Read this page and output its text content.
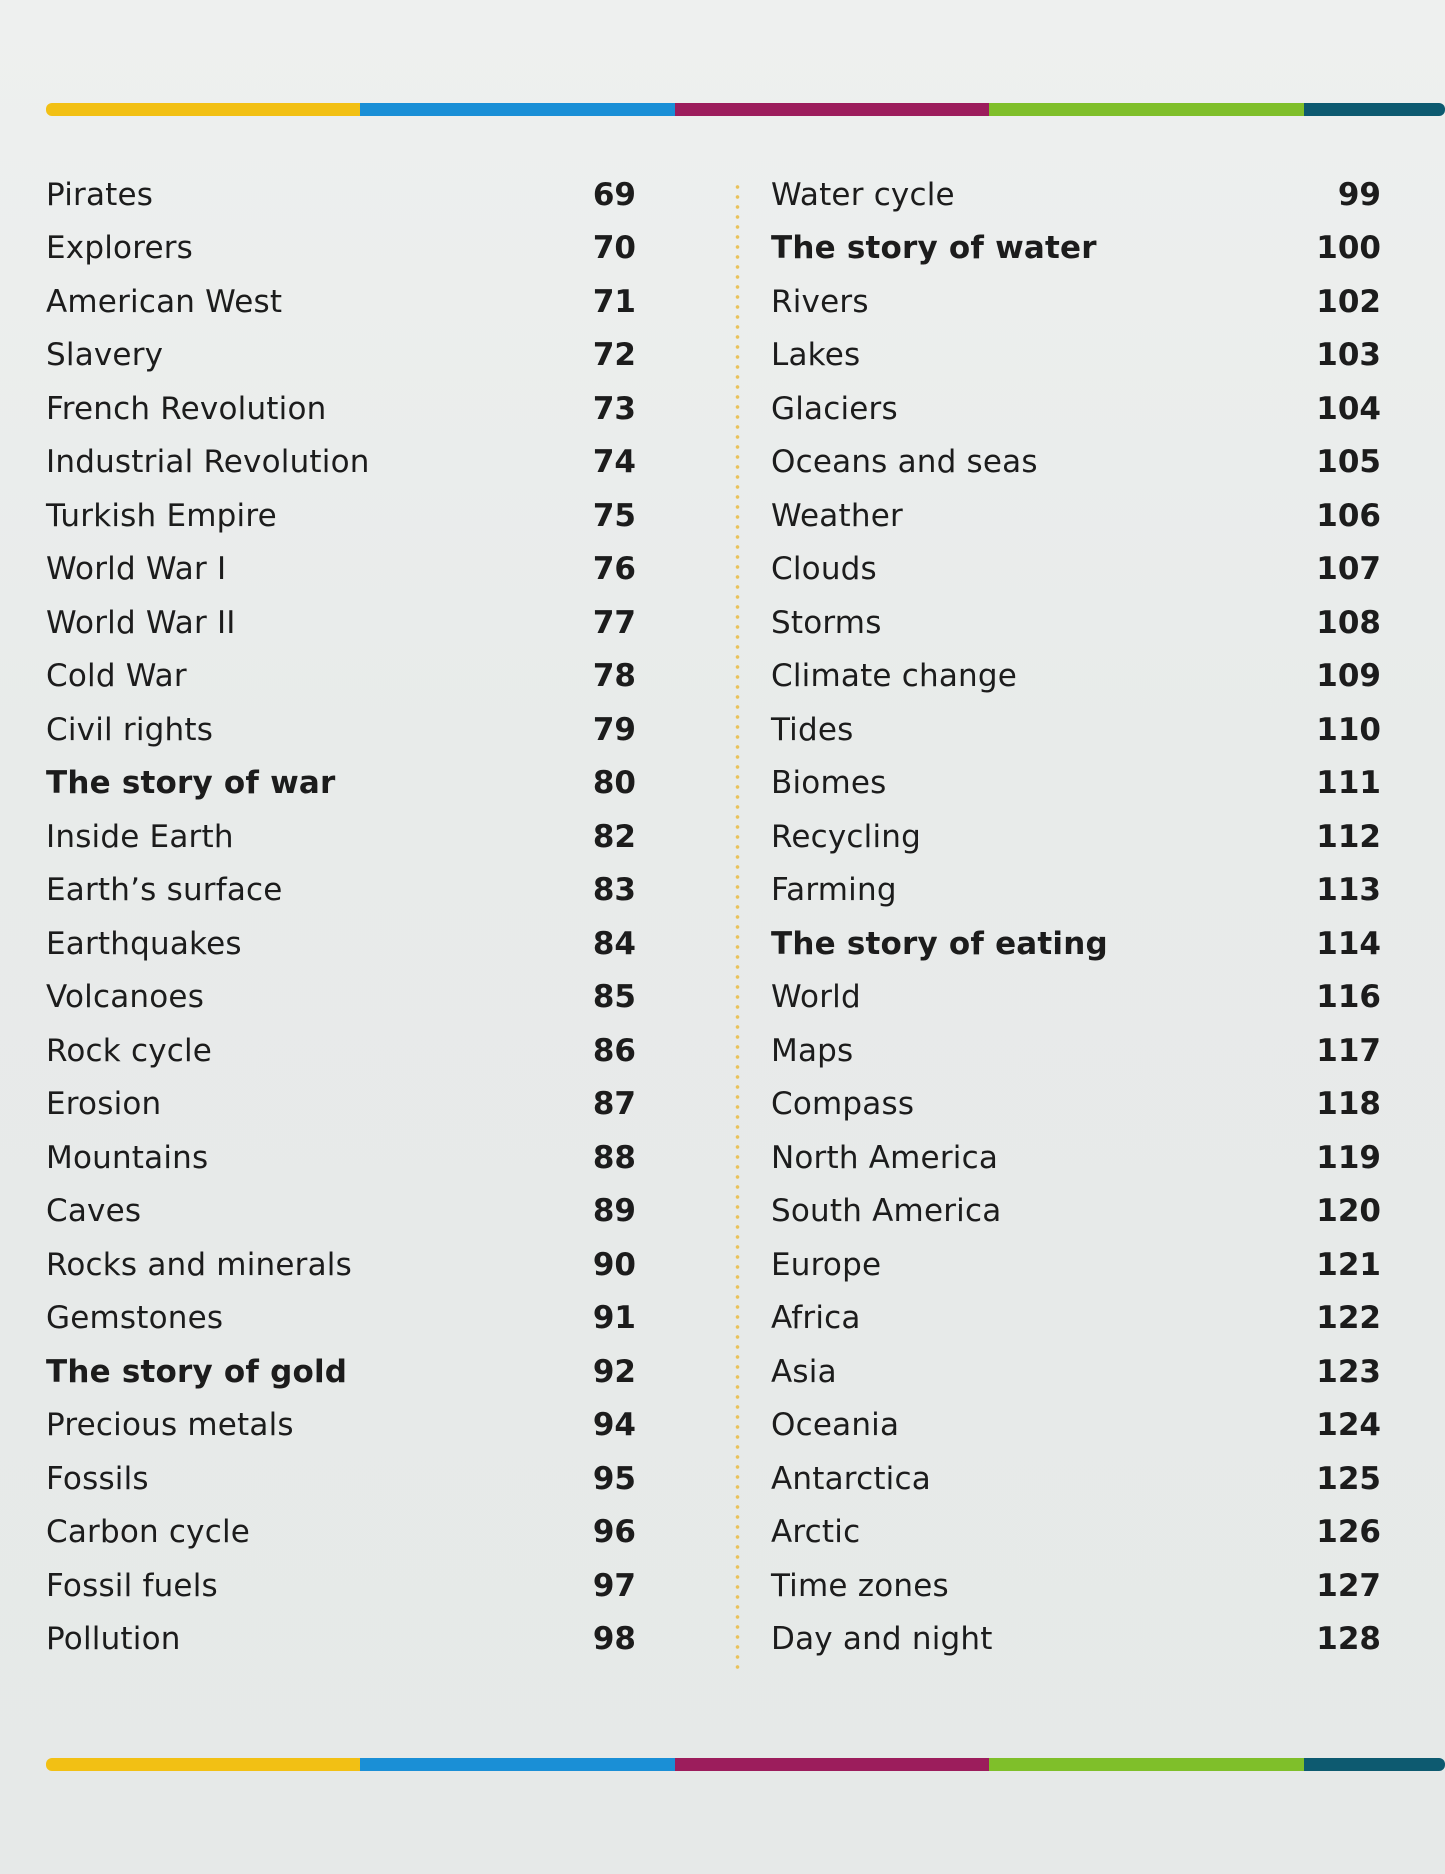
Pirates	69
Explorers	70
American West	71
Slavery	72
French Revolution	73
Industrial Revolution	74
Turkish Empire	75
World War I	76
World War II	77
Cold War	78
Civil rights	79
The story of war	80
Inside Earth	82
Earth’s surface	83
Earthquakes	84
Volcanoes	85
Rock cycle	86
Erosion	87
Mountains	88
Caves	89
Rocks and minerals	90
Gemstones	91
The story of gold	92
Precious metals	94
Fossils	95
Carbon cycle	96
Fossil fuels	97
Pollution	98
Water cycle	99
The story of water	100
Rivers	102
Lakes	103
Glaciers	104
Oceans and seas	105
Weather	106
Clouds	107
Storms	108
Climate change	109
Tides	110
Biomes	111
Recycling	112
Farming	113
The story of eating	114
World	116
Maps	117
Compass	118
North America	119
South America	120
Europe	121
Africa	122
Asia	123
Oceania	124
Antarctica	125
Arctic	126
Time zones	127
Day and night	128
